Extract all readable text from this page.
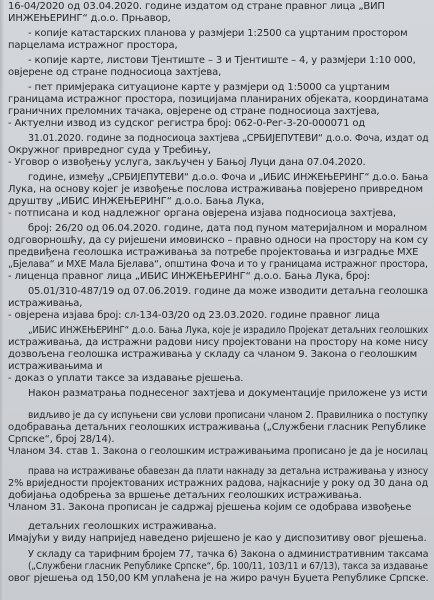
16-04/2020 од 03.04.2020. године издатом од стране правног лица „ВИП
ИНЖЕЊЕРИНГ“ д.о.о. Прњавор,
- копије катастарских планова у размјери 1:2500 са уцртаним простором
парцелама истражног простора,
- копије карте, листови Тјентиште – 3 и Тјентиште – 4, у размјери 1:10 000,
овјерене од стране подносиоца захтјева,
- пет примјерака ситуационе карте у размјери од 1:5000 са уцртаним
границама истражног простора, позицијама планираних објеката, координатама
граничних преломних тачака, овјерене од стране подносиоца захтјева,
- Актуелни извод из судског регистра број: 062-0-Рег-3-20-000071 од
31.01.2020. године за подносиоца захтјева „СРБИЈЕПУТЕВИ“ д.о.о. Фоча, издат од
Окружног привредног суда у Требињу,
- Уговор о извођењу услуга, закључен у Бањој Луци дана 07.04.2020.
године, између „СРБИЈЕПУТЕВИ“ д.о.о. Фоча и „ИБИС ИНЖЕЊЕРИНГ“ д.о.о. Бања
Лука, на основу којег је извођење послова истраживања повјерено привредном
друштву „ИБИС ИНЖЕЊЕРИНГ“ д.о.о. Бања Лука,
- потписана и код надлежног органа овјерена изјава подносиоца захтјева,
број: 26/20 од 06.04.2020. године, дата под пуном материјалном и моралном
одговорношћу, да су ријешени имовинско – правно односи на простору на ком су
предвиђена геолошка истраживања за потребе пројектовања и изградње МХЕ
„Бјелава“ и МХЕ Мала Бјелава“, општина Фоча и то у границама истражног простора,
- лиценца правног лица „ИБИС ИНЖЕЊЕРИНГ“ д.о.о. Бања Лука, број:
05.01/310-487/19 од 07.06.2019. године да може изводити детаљна геолошка
истраживања,
- овјерена изјава број: сл-134-03/20 од 23.03.2020. године правног лица
„ИБИС ИНЖЕЊЕРИНГ“ д.о.о. Бања Лука, које је израдило Пројекат детаљних геолошких
истраживања, да истражни радови нису пројектовани на простору на коме нису
дозвољена геолошка истраживања у складу са чланом 9. Закона о геолошким
истраживањима и
- доказ о уплати таксе за издавање рјешења.
Након разматрања поднесеног захтјева и документације приложене уз исти
видљиво је да су испуњени сви услови прописани чланом 2. Правилника о поступку
одобравања детаљних геолошких истраживања („Службени гласник Републике
Српске“, број 28/14).
Чланом 34. став 1. Закона о геолошким истраживањима прописано је да је носилац
права на истраживање обавезан да плати накнаду за детаљна истраживања у износу
2% вриједности пројектованих истражних радова, најкасније у року од 30 дана од
добијања одобрења за вршење детаљних геолошких истраживања.
Чланом 31. Закона прописан је садржај рјешења којим се одобрава извођење
детаљних геолошких истраживања.
Имајући у виду напријед наведено ријешено је као у диспозитиву овог рјешења.
У складу са тарифним бројем 77, тачка 6) Закона о административним таксама
(„Службени гласник Републике Српске“, бр. 100/11, 103/11 и 67/13), такса за издавање
овог рјешења од 150,00 КМ уплаћена је на жиро рачун Буџета Републике Српске.
